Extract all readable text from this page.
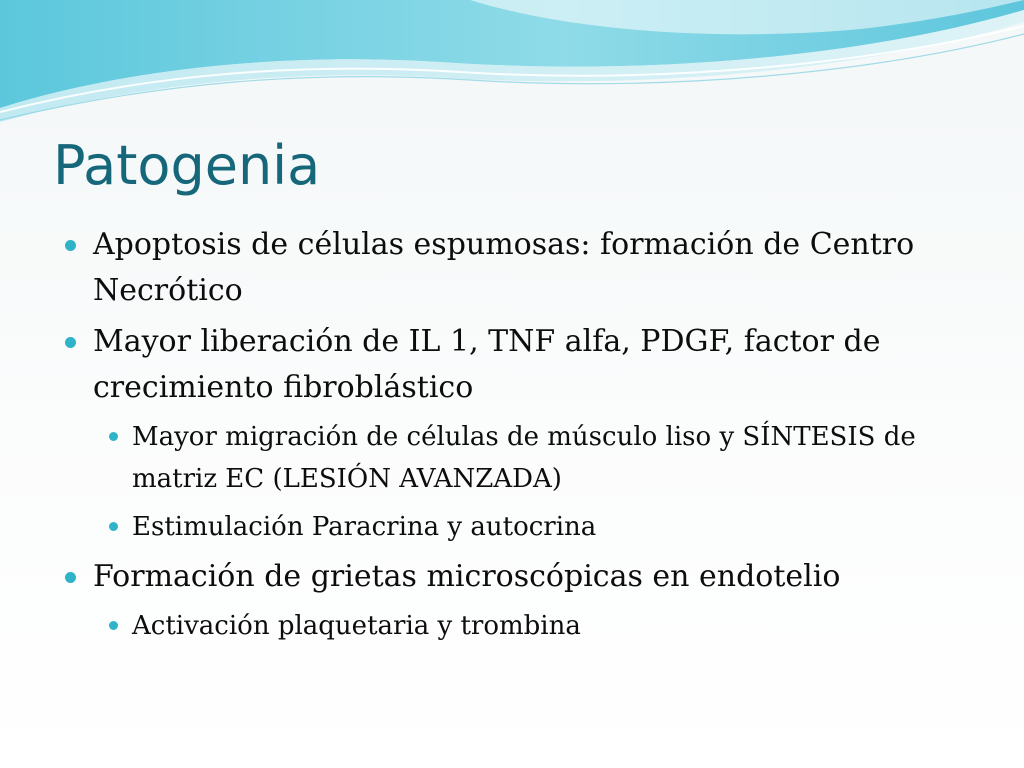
Patogenia
Apoptosis de células espumosas: formación de Centro Necrótico
Mayor liberación de IL 1, TNF alfa, PDGF, factor de crecimiento fibroblástico
Mayor migración de células de músculo liso y SÍNTESIS de matriz EC (LESIÓN AVANZADA)
Estimulación Paracrina y autocrina
Formación de grietas microscópicas en endotelio
Activación plaquetaria y trombina
